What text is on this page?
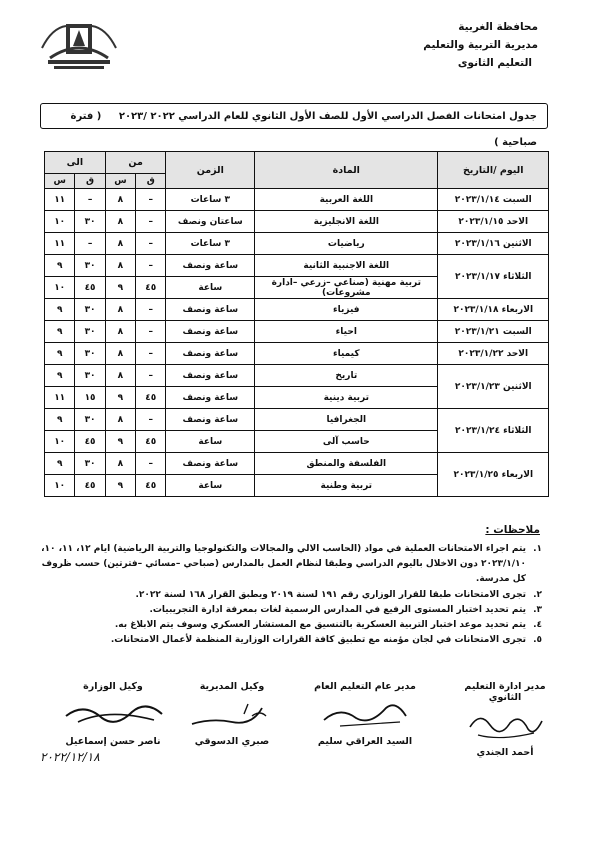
محافظة الغربية
مديرية التربية والتعليم
التعليم الثانوى
جدول امتحانات الفصل الدراسي الأول للصف الأول الثانوي للعام الدراسي ٢٠٢٢ /٢٠٢٣ ( فترة صباحية )
اليوم /التاريخ	المادة	الزمن	من		الى	
			ق	س	ق	س
السبت ٢٠٢٣/١/١٤	اللغة العربية	٣ ساعات	–	٨	–	١١
الاحد ٢٠٢٣/١/١٥	اللغة الانجليزية	ساعتان ونصف	–	٨	٣٠	١٠
الاثنين ٢٠٢٣/١/١٦	رياضيات	٣ ساعات	–	٨	–	١١
الثلاثاء ٢٠٢٣/١/١٧	اللغة الاجنبية الثانية	ساعة ونصف	–	٨	٣٠	٩
	تربية مهنية (صناعي –زرعي –ادارة مشروعات)	ساعة	٤٥	٩	٤٥	١٠
الاربعاء ٢٠٢٣/١/١٨	فيزياء	ساعة ونصف	–	٨	٣٠	٩
السبت ٢٠٢٣/١/٢١	احياء	ساعة ونصف	–	٨	٣٠	٩
الاحد ٢٠٢٣/١/٢٢	كيمياء	ساعة ونصف	–	٨	٣٠	٩
الاثنين ٢٠٢٣/١/٢٣	تاريخ	ساعة ونصف	–	٨	٣٠	٩
	تربية دينية	ساعة ونصف	٤٥	٩	١٥	١١
الثلاثاء ٢٠٢٣/١/٢٤	الجغرافيا	ساعة ونصف	–	٨	٣٠	٩
	حاسب آلى	ساعة	٤٥	٩	٤٥	١٠
الاربعاء ٢٠٢٣/١/٢٥	الفلسفة والمنطق	ساعة ونصف	–	٨	٣٠	٩
	تربية وطنية	ساعة	٤٥	٩	٤٥	١٠
ملاحظات :
١.
يتم اجراء الامتحانات العملية في مواد (الحاسب الالي والمجالات والتكنولوجيا والتربية الرياضية) ايام ١٢، ١١، ١٠، ٢٠٢٣/١/١٠ دون الاخلال باليوم الدراسي وطبقا لنظام العمل بالمدارس (صباحي –مسائي –فترتين) حسب ظروف كل مدرسة.
٢.
تجرى الامتحانات طبقا للقرار الوزاري رقم ١٩١ لسنة ٢٠١٩ ويطبق القرار ١٦٨ لسنة ٢٠٢٢.
٣.
يتم تحديد اختبار المستوى الرفيع في المدارس الرسمية لغات بمعرفة ادارة التجريبيات.
٤.
يتم تحديد موعد اختبار التربية العسكرية بالتنسيق مع المستشار العسكري وسوف يتم الابلاغ به.
٥.
تجرى الامتحانات في لجان مؤمنه مع تطبيق كافة القرارات الوزارية المنظمة لأعمال الامتحانات.
مدير ادارة التعليم الثانوي
أحمد الجندي
مدير عام التعليم العام
السيد العراقي سليم
وكيل المديرية
صبري الدسوقي
وكيل الوزارة
ناصر حسن إسماعيل
٢٠٢٢/١٢/١٨
